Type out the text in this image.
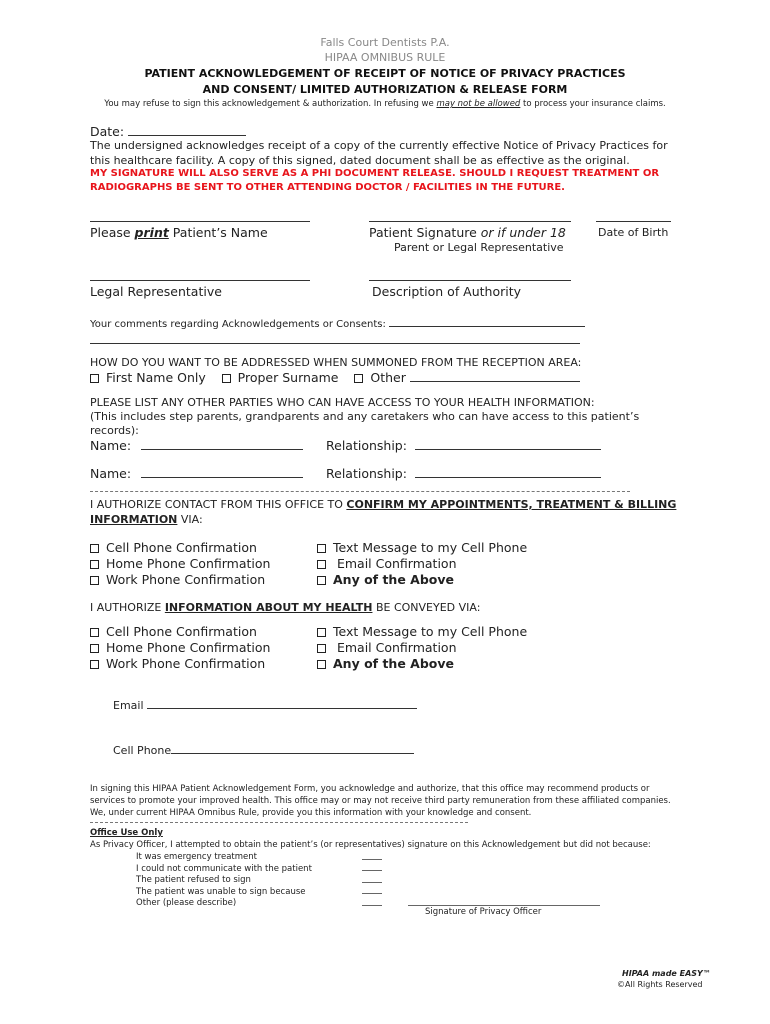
Falls Court Dentists P.A.
HIPAA OMNIBUS RULE
PATIENT ACKNOWLEDGEMENT OF RECEIPT OF NOTICE OF PRIVACY PRACTICES
AND CONSENT/ LIMITED AUTHORIZATION & RELEASE FORM
You may refuse to sign this acknowledgement & authorization. In refusing we may not be allowed to process your insurance claims.
Date:
The undersigned acknowledges receipt of a copy of the currently effective Notice of Privacy Practices for
this healthcare facility. A copy of this signed, dated document shall be as effective as the original.
MY SIGNATURE WILL ALSO SERVE AS A PHI DOCUMENT RELEASE. SHOULD I REQUEST TREATMENT OR
RADIOGRAPHS BE SENT TO OTHER ATTENDING DOCTOR / FACILITIES IN THE FUTURE.
Please print Patient’s Name	Patient Signature or if under 18	Date of Birth
Parent or Legal Representative
Legal Representative	Description of Authority
Your comments regarding Acknowledgements or Consents:
HOW DO YOU WANT TO BE ADDRESSED WHEN SUMMONED FROM THE RECEPTION AREA:
First Name Only	Proper Surname	Other
PLEASE LIST ANY OTHER PARTIES WHO CAN HAVE ACCESS TO YOUR HEALTH INFORMATION:
(This includes step parents, grandparents and any caretakers who can have access to this patient’s
records):
Name:	Relationship:
Name:	Relationship:
I AUTHORIZE CONTACT FROM THIS OFFICE TO CONFIRM MY APPOINTMENTS, TREATMENT & BILLING
INFORMATION VIA:
Cell Phone Confirmation
Home Phone Confirmation
Work Phone Confirmation
Text Message to my Cell Phone
Email Confirmation
Any of the Above
I AUTHORIZE INFORMATION ABOUT MY HEALTH BE CONVEYED VIA:
Cell Phone Confirmation
Home Phone Confirmation
Work Phone Confirmation
Text Message to my Cell Phone
Email Confirmation
Any of the Above
Email
Cell Phone
In signing this HIPAA Patient Acknowledgement Form, you acknowledge and authorize, that this office may recommend products or
services to promote your improved health. This office may or may not receive third party remuneration from these affiliated companies.
We, under current HIPAA Omnibus Rule, provide you this information with your knowledge and consent.
Office Use Only
As Privacy Officer, I attempted to obtain the patient’s (or representatives) signature on this Acknowledgement but did not because:
It was emergency treatment
I could not communicate with the patient
The patient refused to sign
The patient was unable to sign because
Other (please describe)
Signature of Privacy Officer
HIPAA made EASY™
©All Rights Reserved
